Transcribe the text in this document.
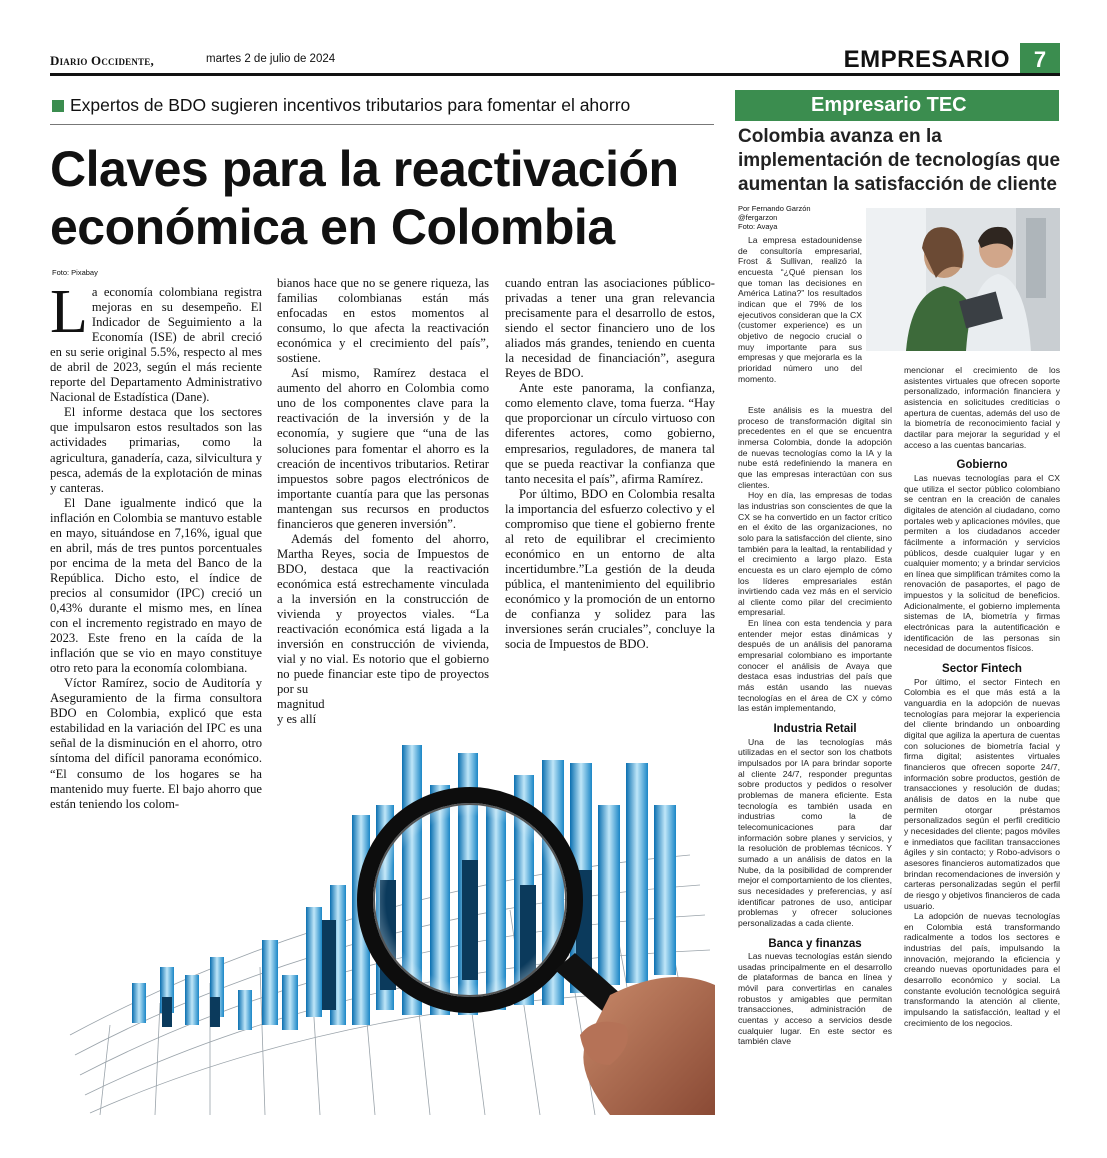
Diario Occidente,	martes 2 de julio de 2024	EMPRESARIO	7
Expertos de BDO sugieren incentivos tributarios para fomentar el ahorro
Claves para la reactivación
económica en Colombia
Foto: Pixabay

La economía colombiana registra mejoras en su desempeño. El Indicador de Seguimiento a la Economía (ISE) de abril creció en su serie original 5.5%, respecto al mes de abril de 2023, según el más reciente reporte del Departamento Administrativo Nacional de Estadística (Dane).

El informe destaca que los sectores que impulsaron estos resultados son las actividades primarias, como la agricultura, ganadería, caza, silvicultura y pesca, además de la explotación de minas y canteras.

El Dane igualmente indicó que la inflación en Colombia se mantuvo estable en mayo, situándose en 7,16%, igual que en abril, más de tres puntos porcentuales por encima de la meta del Banco de la República. Dicho esto, el índice de precios al consumidor (IPC) creció un 0,43% durante el mismo mes, en línea con el incremento registrado en mayo de 2023. Este freno en la caída de la inflación que se vio en mayo constituye otro reto para la economía colombiana.

Víctor Ramírez, socio de Auditoría y Aseguramiento de la firma consultora BDO en Colombia, explicó que esta estabilidad en la variación del IPC es una señal de la disminución en el ahorro, otro síntoma del difícil panorama económico. “El consumo de los hogares se ha mantenido muy fuerte. El bajo ahorro que están teniendo los colom-

bianos hace que no se genere riqueza, las familias colombianas están más enfocadas en estos momentos al consumo, lo que afecta la reactivación económica y el crecimiento del país”, sostiene.

Así mismo, Ramírez destaca el aumento del ahorro en Colombia como uno de los componentes clave para la reactivación de la inversión y de la economía, y sugiere que “una de las soluciones para fomentar el ahorro es la creación de incentivos tributarios. Retirar impuestos sobre pagos electrónicos de importante cuantía para que las personas mantengan sus recursos en productos financieros que generen inversión”.

Además del fomento del ahorro, Martha Reyes, socia de Impuestos de BDO, destaca que la reactivación económica está estrechamente vinculada a la inversión en la construcción de vivienda y proyectos viales. “La reactivación económica está ligada a la inversión en construcción de vivienda, vial y no vial. Es notorio que el gobierno no puede financiar este tipo de proyectos por su

magnitud

y es allí

cuando entran las asociaciones público-privadas a tener una gran relevancia precisamente para el desarrollo de estos, siendo el sector financiero uno de los aliados más grandes, teniendo en cuenta la necesidad de financiación”, asegura Reyes de BDO.

Ante este panorama, la confianza, como elemento clave, toma fuerza. “Hay que proporcionar un círculo virtuoso con diferentes actores, como gobierno, empresarios, reguladores, de manera tal que se pueda reactivar la confianza que tanto necesita el país”, afirma Ramírez.

Por último, BDO en Colombia resalta la importancia del esfuerzo colectivo y el compromiso que tiene el gobierno frente al reto de equilibrar el crecimiento económico en un entorno de alta incertidumbre.”La gestión de la deuda pública, el mantenimiento del equilibrio económico y la promoción de un entorno de confianza y solidez para las inversiones serán cruciales”, concluye la socia de Impuestos de BDO.

Empresario TEC
Colombia avanza en la implementación de tecnologías que aumentan la satisfacción de cliente
Por Fernando Garzón
@fergarzon
Foto: Avaya

La empresa estadounidense de consultoría empresarial, Frost & Sullivan, realizó la encuesta “¿Qué piensan los que toman las decisiones en América Latina?” los resultados indican que el 79% de los ejecutivos consideran que la CX (customer experience) es un objetivo de negocio crucial o muy importante para sus empresas y que mejorarla es la prioridad número uno del momento.

Este análisis es la muestra del proceso de transformación digital sin precedentes en el que se encuentra inmersa Colombia, donde la adopción de nuevas tecnologías como la IA y la nube está redefiniendo la manera en que las empresas interactúan con sus clientes.

Hoy en día, las empresas de todas las industrias son conscientes de que la CX se ha convertido en un factor crítico en el éxito de las organizaciones, no solo para la satisfacción del cliente, sino también para la lealtad, la rentabilidad y el crecimiento a largo plazo. Esta encuesta es un claro ejemplo de cómo los líderes empresariales están invirtiendo cada vez más en el servicio al cliente como pilar del crecimiento empresarial.

En línea con esta tendencia y para entender mejor estas dinámicas y después de un análisis del panorama empresarial colombiano es importante conocer el análisis de Avaya que destaca esas industrias del país que más están usando las nuevas tecnologías en el área de CX y cómo las están implementando,

Industria Retail

Una de las tecnologías más utilizadas en el sector son los chatbots impulsados por IA para brindar soporte al cliente 24/7, responder preguntas sobre productos y pedidos o resolver problemas de manera eficiente. Esta tecnología es también usada en industrias como la de telecomunicaciones para dar información sobre planes y servicios, y la resolución de problemas técnicos. Y sumado a un análisis de datos en la Nube, da la posibilidad de comprender mejor el comportamiento de los clientes, sus necesidades y preferencias, y así identificar patrones de uso, anticipar problemas y ofrecer soluciones personalizadas a cada cliente.

Banca y finanzas

Las nuevas tecnologías están siendo usadas principalmente en el desarrollo de plataformas de banca en línea y móvil para convertirlas en canales robustos y amigables que permitan transacciones, administración de cuentas y acceso a servicios desde cualquier lugar. En este sector es también clave

mencionar el crecimiento de los asistentes virtuales que ofrecen soporte personalizado, información financiera y asistencia en solicitudes crediticias o apertura de cuentas, además del uso de la biometría de reconocimiento facial y dactilar para mejorar la seguridad y el acceso a las cuentas bancarias.

Gobierno

Las nuevas tecnologías para el CX que utiliza el sector público colombiano se centran en la creación de canales digitales de atención al ciudadano, como portales web y aplicaciones móviles, que permiten a los ciudadanos acceder fácilmente a información y servicios públicos, desde cualquier lugar y en cualquier momento; y a brindar servicios en línea que simplifican trámites como la renovación de pasaportes, el pago de impuestos y la solicitud de beneficios. Adicionalmente, el gobierno implementa sistemas de IA, biometría y firmas electrónicas para la autentificación e identificación de las personas sin necesidad de documentos físicos.

Sector Fintech

Por último, el sector Fintech en Colombia es el que más está a la vanguardia en la adopción de nuevas tecnologías para mejorar la experiencia del cliente brindando un onboarding digital que agiliza la apertura de cuentas con soluciones de biometría facial y firma digital; asistentes virtuales financieros que ofrecen soporte 24/7, información sobre productos, gestión de transacciones y resolución de dudas; análisis de datos en la nube que permiten otorgar préstamos personalizados según el perfil crediticio y necesidades del cliente; pagos móviles e inmediatos que facilitan transacciones ágiles y sin contacto; y Robo-advisors o asesores financieros automatizados que brindan recomendaciones de inversión y carteras personalizadas según el perfil de riesgo y objetivos financieros de cada usuario.

La adopción de nuevas tecnologías en Colombia está transformando radicalmente a todos los sectores e industrias del país, impulsando la innovación, mejorando la eficiencia y creando nuevas oportunidades para el desarrollo económico y social. La constante evolución tecnológica seguirá transformando la atención al cliente, impulsando la satisfacción, lealtad y el crecimiento de los negocios.
